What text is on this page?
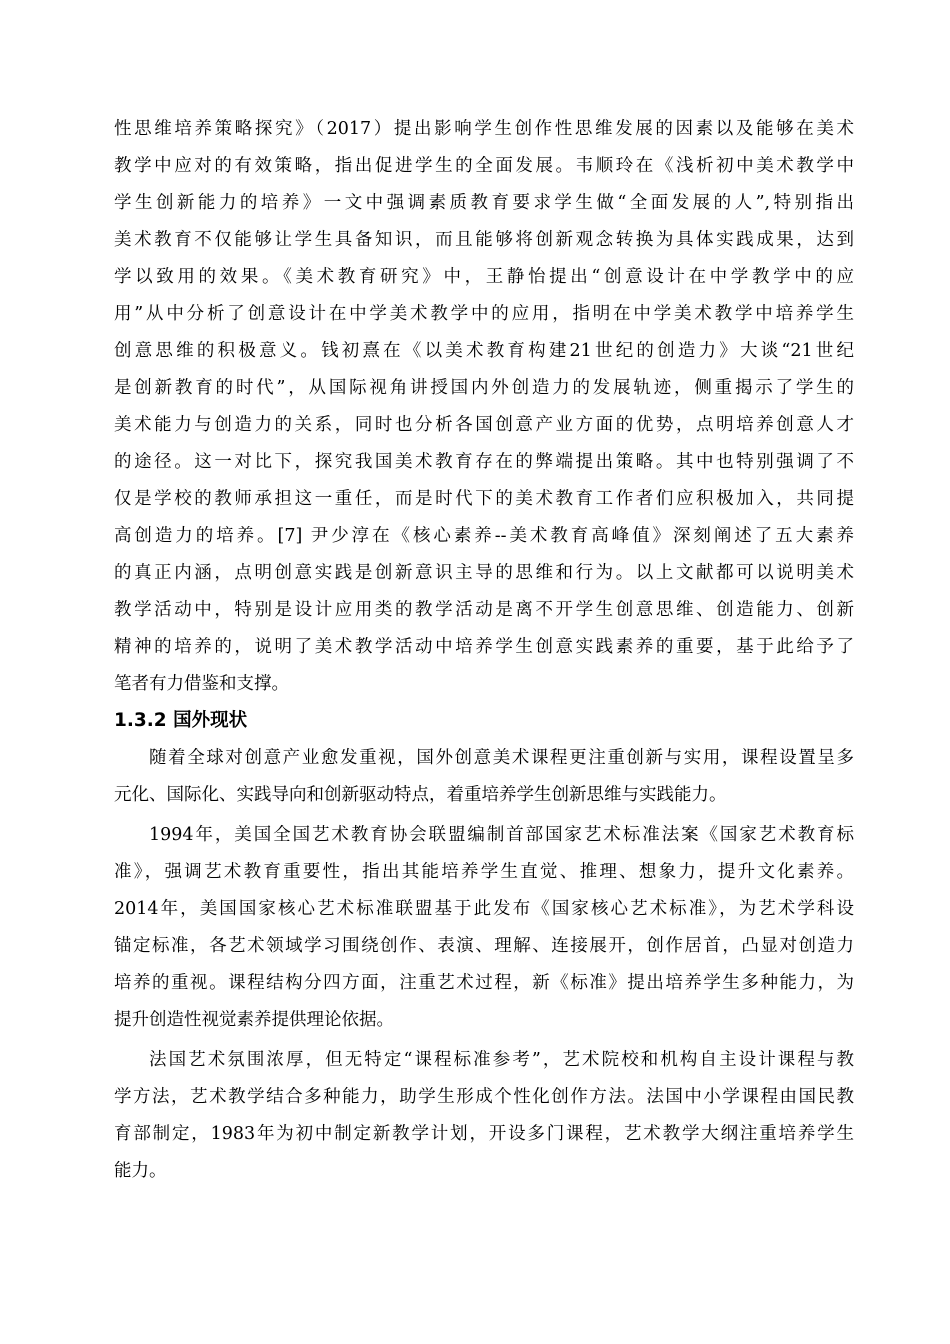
性思维培养策略探究》（2017）提出影响学生创作性思维发展的因素以及能够在美术
教学中应对的有效策略，指出促进学生的全面发展。韦顺玲在《浅析初中美术教学中
学生创新能力的培养》一文中强调素质教育要求学生做“全面发展的人”,特别指出
美术教育不仅能够让学生具备知识，而且能够将创新观念转换为具体实践成果，达到
学以致用的效果。《美术教育研究》中，王静怡提出“创意设计在中学教学中的应
用”从中分析了创意设计在中学美术教学中的应用，指明在中学美术教学中培养学生
创意思维的积极意义。钱初熹在《以美术教育构建21世纪的创造力》大谈“21世纪
是创新教育的时代”，从国际视角讲授国内外创造力的发展轨迹，侧重揭示了学生的
美术能力与创造力的关系，同时也分析各国创意产业方面的优势，点明培养创意人才
的途径。这一对比下，探究我国美术教育存在的弊端提出策略。其中也特别强调了不
仅是学校的教师承担这一重任，而是时代下的美术教育工作者们应积极加入，共同提
高创造力的培养。[7] 尹少淳在《核心素养--美术教育高峰值》深刻阐述了五大素养
的真正内涵，点明创意实践是创新意识主导的思维和行为。以上文献都可以说明美术
教学活动中，特别是设计应用类的教学活动是离不开学生创意思维、创造能力、创新
精神的培养的，说明了美术教学活动中培养学生创意实践素养的重要，基于此给予了
笔者有力借鉴和支撑。
1.3.2 国外现状
随着全球对创意产业愈发重视，国外创意美术课程更注重创新与实用，课程设置呈多
元化、国际化、实践导向和创新驱动特点，着重培养学生创新思维与实践能力。
1994年，美国全国艺术教育协会联盟编制首部国家艺术标准法案《国家艺术教育标
准》，强调艺术教育重要性，指出其能培养学生直觉、推理、想象力，提升文化素养。
2014年，美国国家核心艺术标准联盟基于此发布《国家核心艺术标准》，为艺术学科设
锚定标准，各艺术领域学习围绕创作、表演、理解、连接展开，创作居首，凸显对创造力
培养的重视。课程结构分四方面，注重艺术过程，新《标准》提出培养学生多种能力，为
提升创造性视觉素养提供理论依据。
法国艺术氛围浓厚，但无特定“课程标准参考”，艺术院校和机构自主设计课程与教
学方法，艺术教学结合多种能力，助学生形成个性化创作方法。法国中小学课程由国民教
育部制定，1983年为初中制定新教学计划，开设多门课程，艺术教学大纲注重培养学生
能力。
